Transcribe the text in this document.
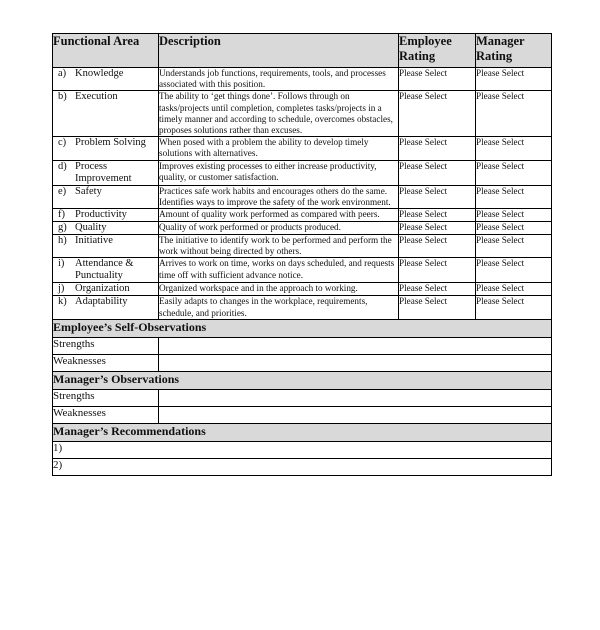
Functional Area	Description	Employee Rating	Manager Rating

a) Knowledge	Understands job functions, requirements, tools, and processes associated with this position.	Please Select	Please Select

b) Execution	The ability to ‘get things done’. Follows through on tasks/projects until completion, completes tasks/projects in a timely manner and according to schedule, overcomes obstacles, proposes solutions rather than excuses.	Please Select	Please Select

c) Problem Solving	When posed with a problem the ability to develop timely solutions with alternatives.	Please Select	Please Select

d) Process Improvement	Improves existing processes to either increase productivity, quality, or customer satisfaction.	Please Select	Please Select

e) Safety	Practices safe work habits and encourages others do the same. Identifies ways to improve the safety of the work environment.	Please Select	Please Select

f) Productivity	Amount of quality work performed as compared with peers.	Please Select	Please Select

g) Quality	Quality of work performed or products produced.	Please Select	Please Select

h) Initiative	The initiative to identify work to be performed and perform the work without being directed by others.	Please Select	Please Select

i) Attendance & Punctuality	Arrives to work on time, works on days scheduled, and requests time off with sufficient advance notice.	Please Select	Please Select

j) Organization	Organized workspace and in the approach to working.	Please Select	Please Select

k) Adaptability	Easily adapts to changes in the workplace, requirements, schedule, and priorities.	Please Select	Please Select
Employee’s Self-Observations			
Strengths			
Weaknesses			
Manager’s Observations			
Strengths			
Weaknesses			
Manager’s Recommendations			
1)			
2)			
